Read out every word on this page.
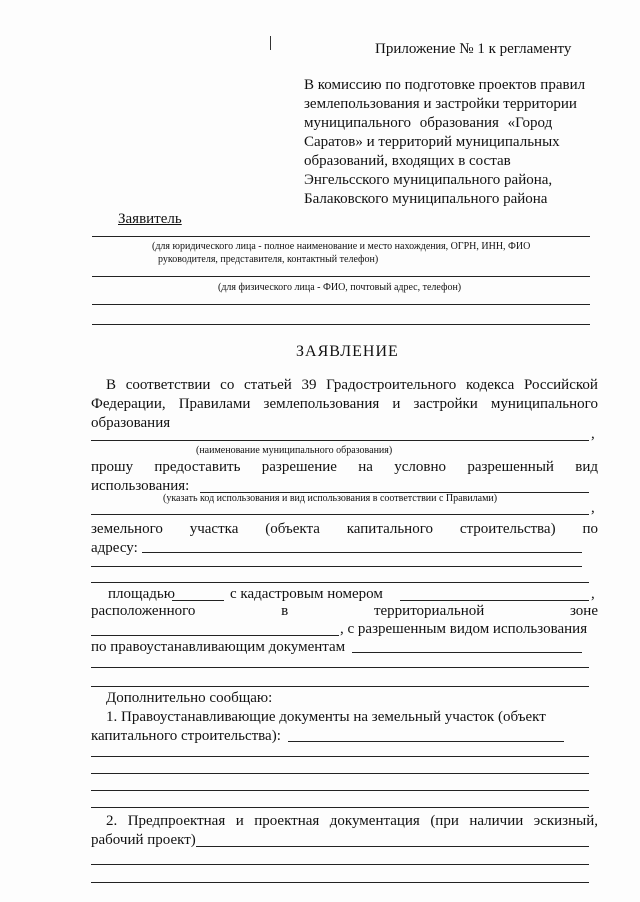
Приложение № 1 к регламенту
В комиссию по подготовке проектов правил
землепользования и застройки территории
муниципального образования «Город
Саратов» и территорий муниципальных
образований, входящих в состав
Энгельсского муниципального района,
Балаковского муниципального района
Заявитель
(для юридического лица - полное наименование и место нахождения, ОГРН, ИНН, ФИО
руководителя, представителя, контактный телефон)
(для физического лица - ФИО, почтовый адрес, телефон)
ЗАЯВЛЕНИЕ
В соответствии со статьей 39 Градостроительного кодекса Российской
Федерации, Правилами землепользования и застройки муниципального
образования
,
(наименование муниципального образования)
прошу предоставить разрешение на условно разрешенный вид
использования:
(указать код использования и вид использования в соответствии с Правилами)
,
земельного участка (объекта капитального строительства) по
адресу:
площадью	с кадастровым номером	,
расположенного	в	территориальной	зоне
, с разрешенным видом использования
по правоустанавливающим документам
Дополнительно сообщаю:
1. Правоустанавливающие документы на земельный участок (объект
капитального строительства):
2. Предпроектная и проектная документация (при наличии эскизный,
рабочий проект)
